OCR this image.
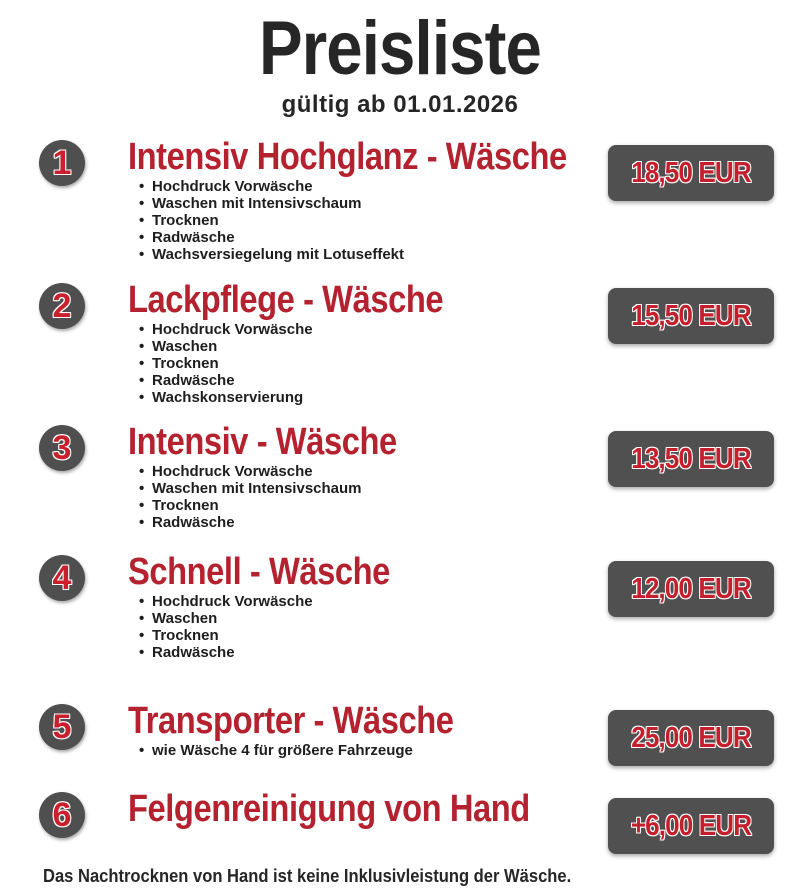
Preisliste
gültig ab 01.01.2026
1	Intensiv Hochglanz - Wäsche
• Hochdruck Vorwäsche
• Waschen mit Intensivschaum
• Trocknen
• Radwäsche
• Wachsversiegelung mit Lotuseffekt
18,50 EUR
2	Lackpflege - Wäsche
• Hochdruck Vorwäsche
• Waschen
• Trocknen
• Radwäsche
• Wachskonservierung
15,50 EUR
3	Intensiv - Wäsche
• Hochdruck Vorwäsche
• Waschen mit Intensivschaum
• Trocknen
• Radwäsche
13,50 EUR
4	Schnell - Wäsche
• Hochdruck Vorwäsche
• Waschen
• Trocknen
• Radwäsche
12,00 EUR
5	Transporter - Wäsche
• wie Wäsche 4 für größere Fahrzeuge	25,00 EUR
6	Felgenreinigung von Hand	+6,00 EUR
Das Nachtrocknen von Hand ist keine Inklusivleistung der Wäsche.
